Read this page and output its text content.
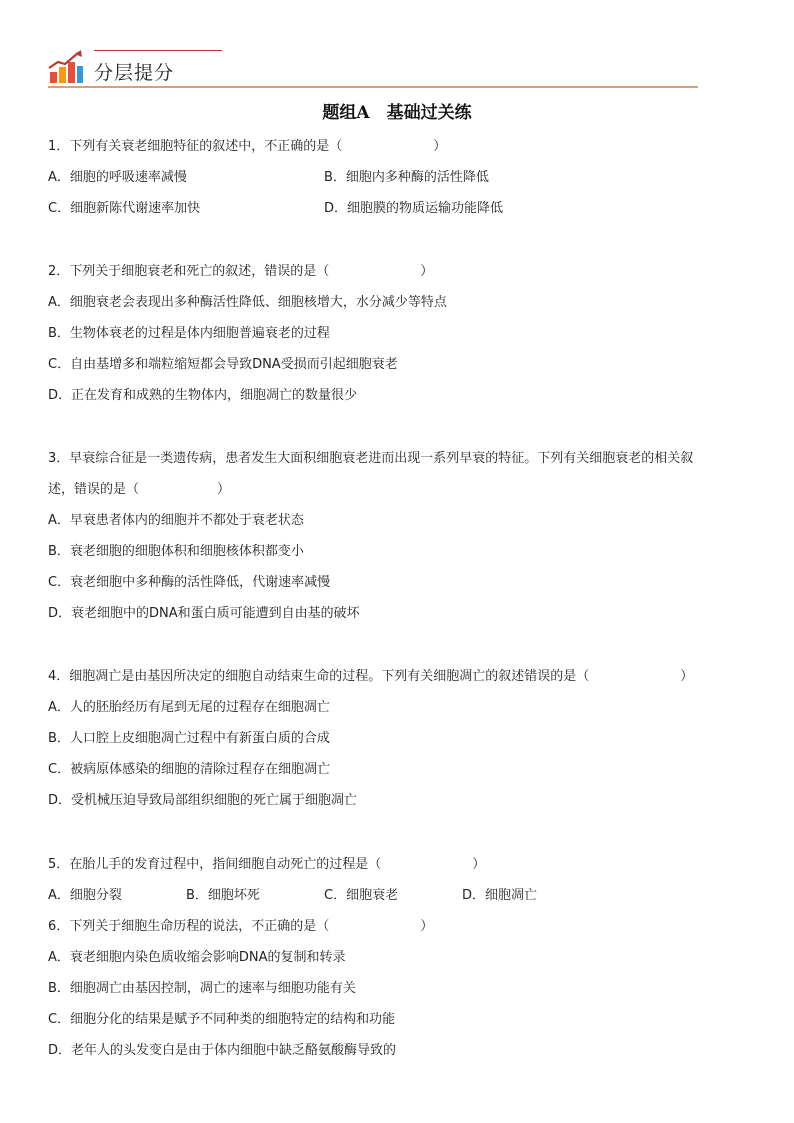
分层提分
题组A　基础过关练
1．下列有关衰老细胞特征的叙述中，不正确的是（　　　　　　　）
A．细胞的呼吸速率减慢	B．细胞内多种酶的活性降低
C．细胞新陈代谢速率加快	D．细胞膜的物质运输功能降低
2．下列关于细胞衰老和死亡的叙述，错误的是（　　　　　　　）
A．细胞衰老会表现出多种酶活性降低、细胞核增大，水分减少等特点
B．生物体衰老的过程是体内细胞普遍衰老的过程
C．自由基增多和端粒缩短都会导致DNA受损而引起细胞衰老
D．正在发育和成熟的生物体内，细胞凋亡的数量很少
3．早衰综合征是一类遗传病，患者发生大面积细胞衰老进而出现一系列早衰的特征。下列有关细胞衰老的相关叙
述，错误的是（　　　　　　）
A．早衰患者体内的细胞并不都处于衰老状态
B．衰老细胞的细胞体积和细胞核体积都变小
C．衰老细胞中多种酶的活性降低，代谢速率减慢
D．衰老细胞中的DNA和蛋白质可能遭到自由基的破坏
4．细胞凋亡是由基因所决定的细胞自动结束生命的过程。下列有关细胞凋亡的叙述错误的是（　　　　　　　）
A．人的胚胎经历有尾到无尾的过程存在细胞凋亡
B．人口腔上皮细胞凋亡过程中有新蛋白质的合成
C．被病原体感染的细胞的清除过程存在细胞凋亡
D．受机械压迫导致局部组织细胞的死亡属于细胞凋亡
5．在胎儿手的发育过程中，指间细胞自动死亡的过程是（　　　　　　　）
A．细胞分裂	B．细胞坏死	C．细胞衰老	D．细胞凋亡
6．下列关于细胞生命历程的说法，不正确的是（　　　　　　　）
A．衰老细胞内染色质收缩会影响DNA的复制和转录
B．细胞凋亡由基因控制，凋亡的速率与细胞功能有关
C．细胞分化的结果是赋予不同种类的细胞特定的结构和功能
D．老年人的头发变白是由于体内细胞中缺乏酪氨酸酶导致的
